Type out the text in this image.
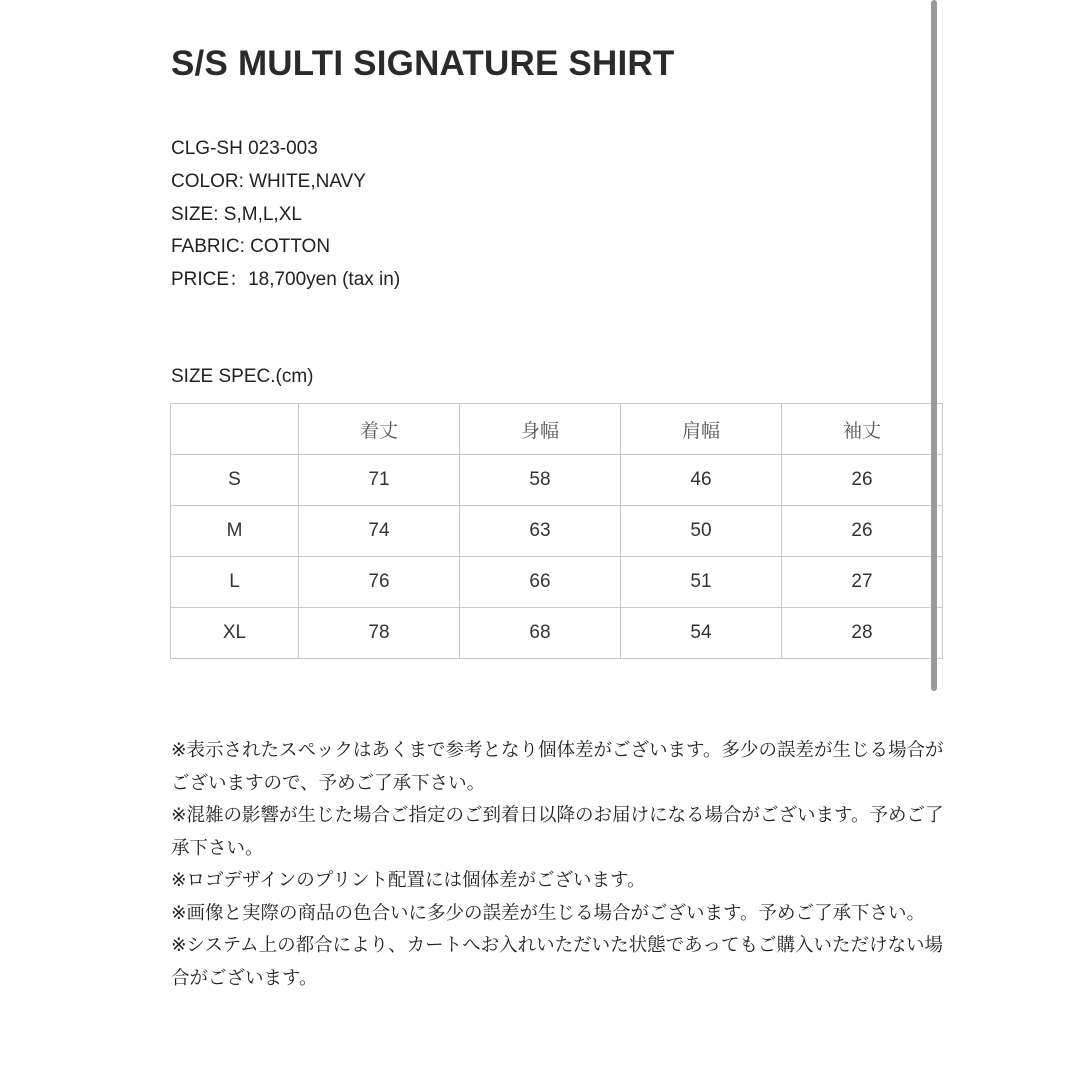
S/S MULTI SIGNATURE SHIRT
CLG-SH 023-003
COLOR: WHITE,NAVY
SIZE: S,M,L,XL
FABRIC: COTTON
PRICE：18,700yen (tax in)
SIZE SPEC.(cm)
	着丈	身幅	肩幅	袖丈
S	71	58	46	26
M	74	63	50	26
L	76	66	51	27
XL	78	68	54	28
※表示されたスペックはあくまで参考となり個体差がございます。多少の誤差が生じる場合がございますので、予めご了承下さい。
※混雑の影響が生じた場合ご指定のご到着日以降のお届けになる場合がございます。予めご了承下さい。
※ロゴデザインのプリント配置には個体差がございます。
※画像と実際の商品の色合いに多少の誤差が生じる場合がございます。予めご了承下さい。
※システム上の都合により、カートへお入れいただいた状態であってもご購入いただけない場合がございます。
